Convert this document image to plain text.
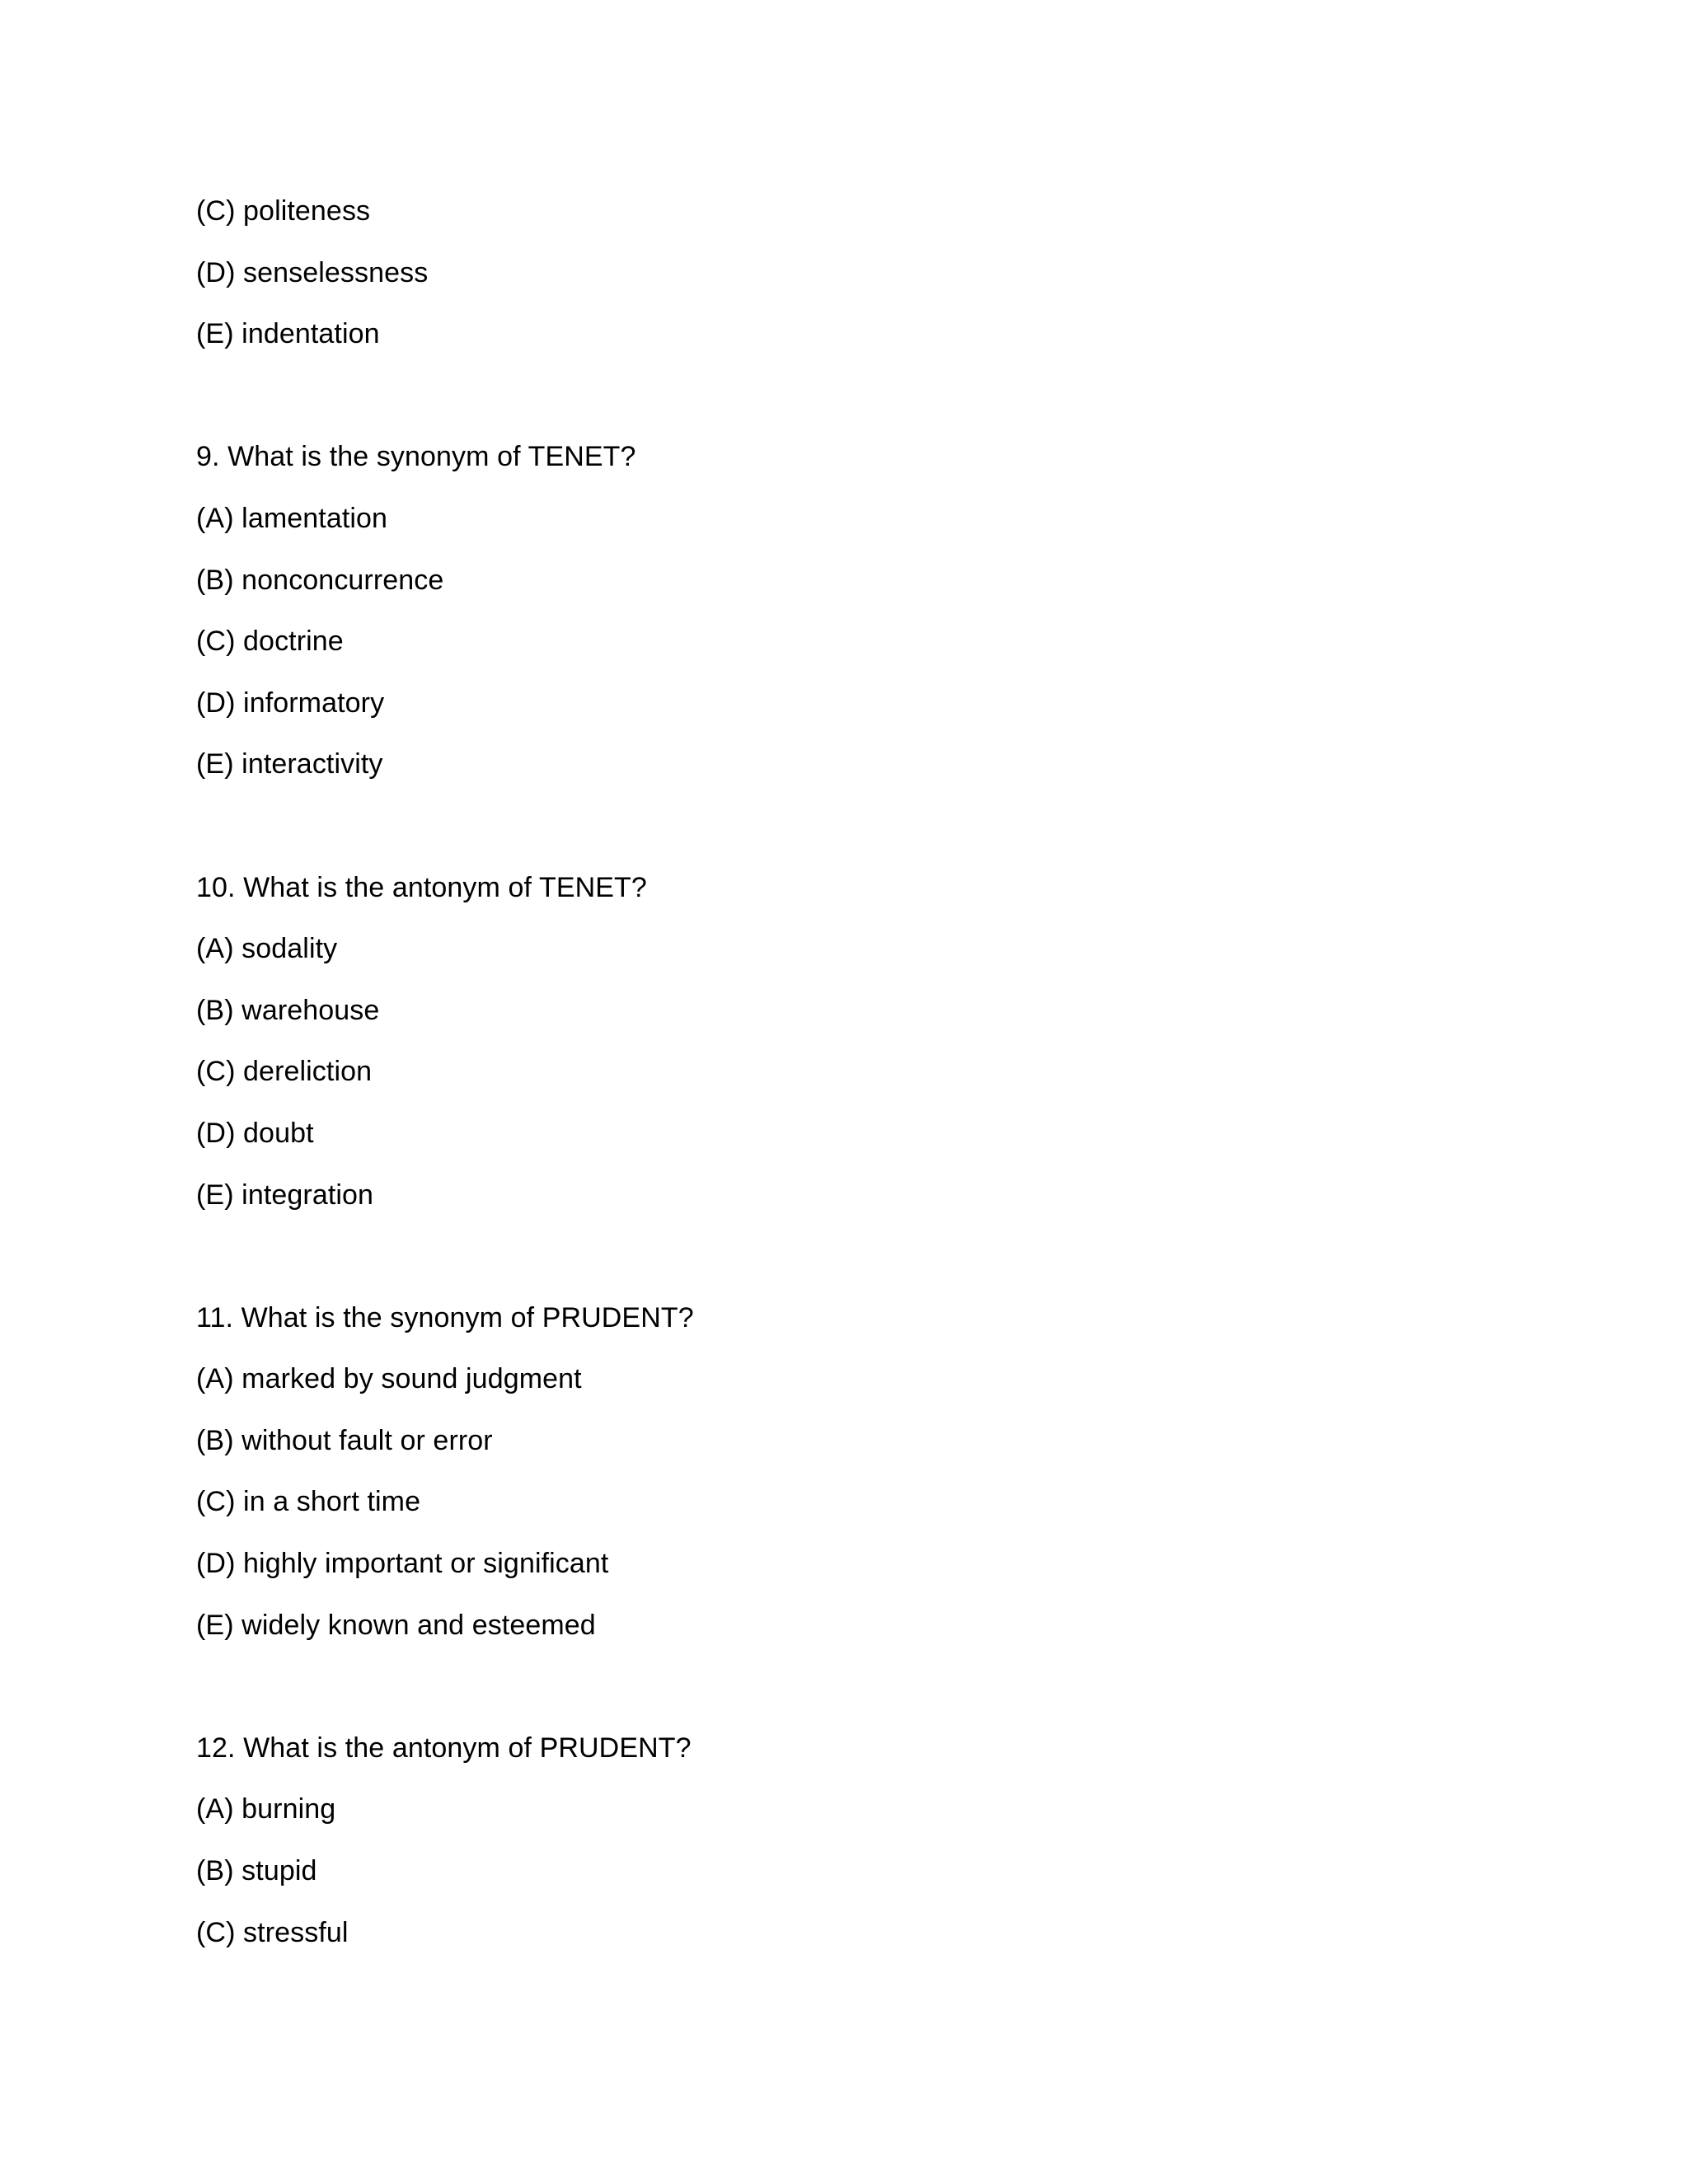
(C) politeness
(D) senselessness
(E) indentation
9. What is the synonym of TENET?
(A) lamentation
(B) nonconcurrence
(C) doctrine
(D) informatory
(E) interactivity
10. What is the antonym of TENET?
(A) sodality
(B) warehouse
(C) dereliction
(D) doubt
(E) integration
11. What is the synonym of PRUDENT?
(A) marked by sound judgment
(B) without fault or error
(C) in a short time
(D) highly important or significant
(E) widely known and esteemed
12. What is the antonym of PRUDENT?
(A) burning
(B) stupid
(C) stressful
